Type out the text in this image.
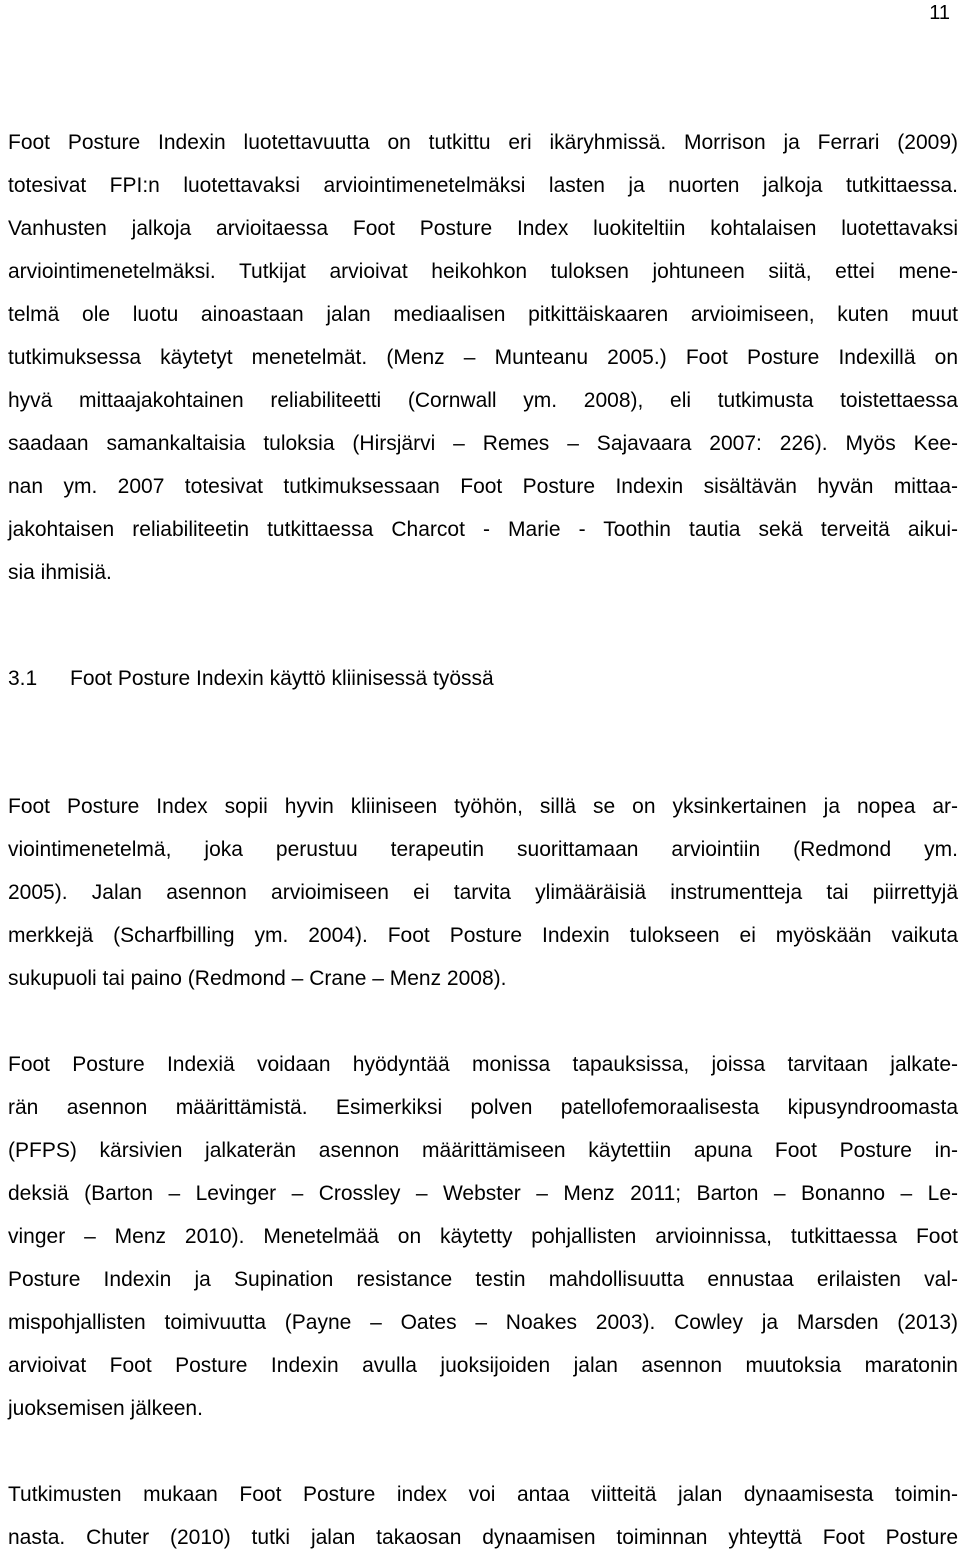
11
Foot Posture Indexin luotettavuutta on tutkittu eri ikäryhmissä. Morrison ja Ferrari (2009)
totesivat FPI:n luotettavaksi arviointimenetelmäksi lasten ja nuorten jalkoja tutkittaessa.
Vanhusten jalkoja arvioitaessa Foot Posture Index luokiteltiin kohtalaisen luotettavaksi
arviointimenetelmäksi. Tutkijat arvioivat heikohkon tuloksen johtuneen siitä, ettei mene-
telmä ole luotu ainoastaan jalan mediaalisen pitkittäiskaaren arvioimiseen, kuten muut
tutkimuksessa käytetyt menetelmät. (Menz – Munteanu 2005.) Foot Posture Indexillä on
hyvä mittaajakohtainen reliabiliteetti (Cornwall ym. 2008), eli tutkimusta toistettaessa
saadaan samankaltaisia tuloksia (Hirsjärvi – Remes – Sajavaara 2007: 226). Myös Kee-
nan ym. 2007 totesivat tutkimuksessaan Foot Posture Indexin sisältävän hyvän mittaa-
jakohtaisen reliabiliteetin tutkittaessa Charcot - Marie - Toothin tautia sekä terveitä aikui-
sia ihmisiä.
3.1 Foot Posture Indexin käyttö kliinisessä työssä
Foot Posture Index sopii hyvin kliiniseen työhön, sillä se on yksinkertainen ja nopea ar-
viointimenetelmä, joka perustuu terapeutin suorittamaan arviointiin (Redmond ym.
2005). Jalan asennon arvioimiseen ei tarvita ylimääräisiä instrumentteja tai piirrettyjä
merkkejä (Scharfbilling ym. 2004). Foot Posture Indexin tulokseen ei myöskään vaikuta
sukupuoli tai paino (Redmond – Crane – Menz 2008).
Foot Posture Indexiä voidaan hyödyntää monissa tapauksissa, joissa tarvitaan jalkate-
rän asennon määrittämistä. Esimerkiksi polven patellofemoraalisesta kipusyndroomasta
(PFPS) kärsivien jalkaterän asennon määrittämiseen käytettiin apuna Foot Posture in-
deksiä (Barton – Levinger – Crossley – Webster – Menz 2011; Barton – Bonanno – Le-
vinger – Menz 2010). Menetelmää on käytetty pohjallisten arvioinnissa, tutkittaessa Foot
Posture Indexin ja Supination resistance testin mahdollisuutta ennustaa erilaisten val-
mispohjallisten toimivuutta (Payne – Oates – Noakes 2003). Cowley ja Marsden (2013)
arvioivat Foot Posture Indexin avulla juoksijoiden jalan asennon muutoksia maratonin
juoksemisen jälkeen.
Tutkimusten mukaan Foot Posture index voi antaa viitteitä jalan dynaamisesta toimin-
nasta. Chuter (2010) tutki jalan takaosan dynaamisen toiminnan yhteyttä Foot Posture
